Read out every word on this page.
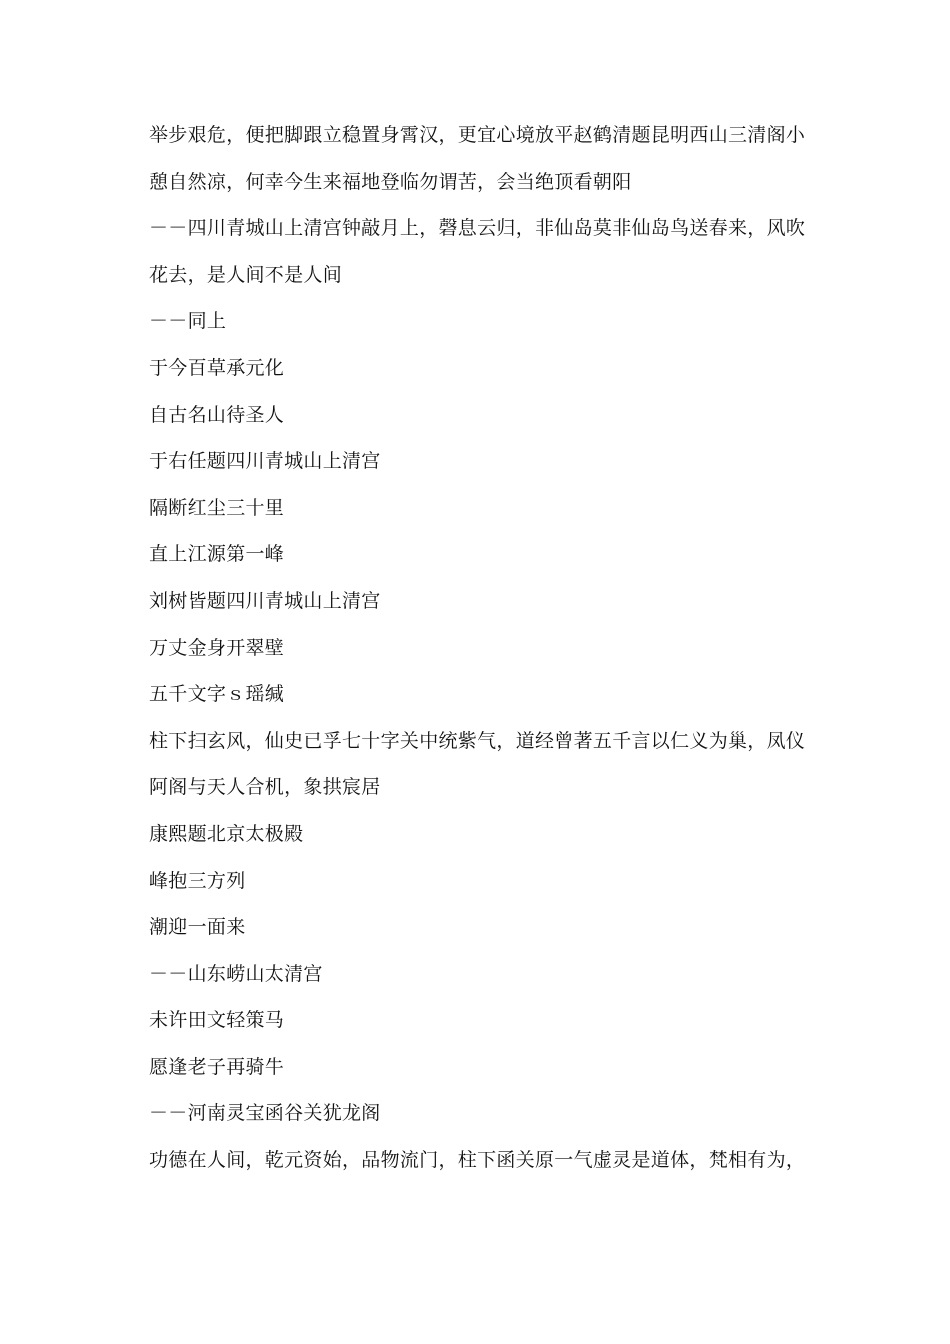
举步艰危，便把脚跟立稳置身霄汉，更宜心境放平赵鹤清题昆明西山三清阁小
憩自然凉，何幸今生来福地登临勿谓苦，会当绝顶看朝阳
－－四川青城山上清宫钟敲月上，磬息云归，非仙岛莫非仙岛鸟送春来，风吹
花去，是人间不是人间
－－同上
于今百草承元化
自古名山待圣人
于右任题四川青城山上清宫
隔断红尘三十里
直上江源第一峰
刘树皆题四川青城山上清宫
万丈金身开翠壁
五千文字ｓ瑶缄
柱下扫玄风，仙史已孚七十字关中统紫气，道经曾著五千言以仁义为巢，凤仪
阿阁与天人合机，象拱宸居
康熙题北京太极殿
峰抱三方列
潮迎一面来
－－山东崂山太清宫
未许田文轻策马
愿逢老子再骑牛
－－河南灵宝函谷关犹龙阁
功德在人间，乾元资始，品物流门，柱下函关原一气虚灵是道体，梵相有为，
